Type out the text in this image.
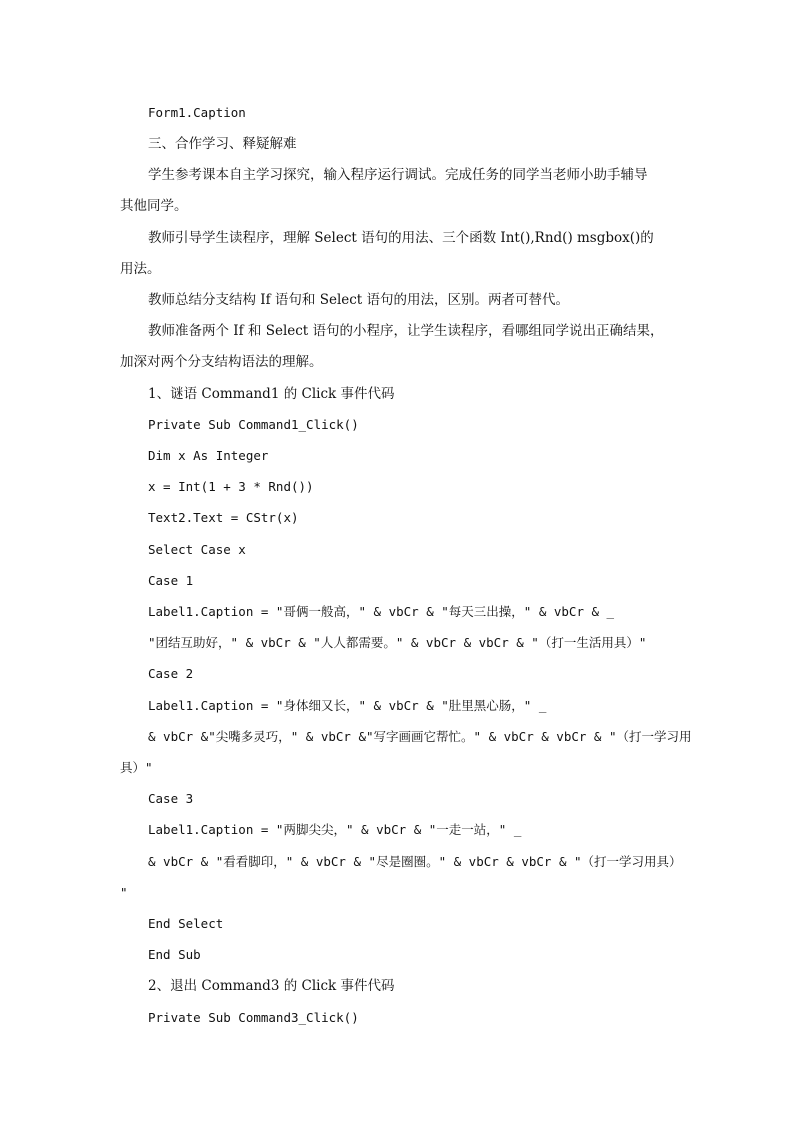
Form1.Caption
三、合作学习、释疑解难
学生参考课本自主学习探究，输入程序运行调试。完成任务的同学当老师小助手辅导
其他同学。
教师引导学生读程序，理解 Select 语句的用法、三个函数 Int(),Rnd() msgbox()的
用法。
教师总结分支结构 If 语句和 Select 语句的用法，区别。两者可替代。
教师准备两个 If 和 Select 语句的小程序，让学生读程序，看哪组同学说出正确结果，
加深对两个分支结构语法的理解。
1、谜语 Command1 的 Click 事件代码
Private Sub Command1_Click()
Dim x As Integer
x = Int(1 + 3 * Rnd())
Text2.Text = CStr(x)
Select Case x
Case 1
Label1.Caption = "哥俩一般高，" & vbCr & "每天三出操，" & vbCr & _
"团结互助好，" & vbCr & "人人都需要。" & vbCr & vbCr & "（打一生活用具）"
Case 2
Label1.Caption = "身体细又长，" & vbCr & "肚里黑心肠，" _
& vbCr &"尖嘴多灵巧，" & vbCr &"写字画画它帮忙。" & vbCr & vbCr & "（打一学习用
具）"
Case 3
Label1.Caption = "两脚尖尖，" & vbCr & "一走一站，" _
& vbCr & "看看脚印，" & vbCr & "尽是圈圈。" & vbCr & vbCr & "（打一学习用具）
"
End Select
End Sub
2、退出 Command3 的 Click 事件代码
Private Sub Command3_Click()
